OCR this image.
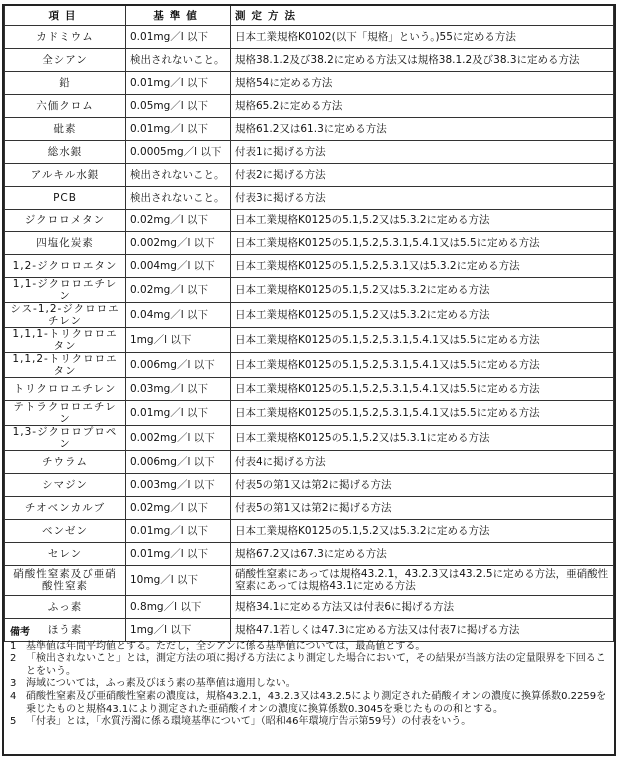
項目	基準値	測定方法
カドミウム	0.01mg／l 以下	日本工業規格K0102(以下「規格」という。)55に定める方法
全シアン	検出されないこと。	規格38.1.2及び38.2に定める方法又は規格38.1.2及び38.3に定める方法
鉛	0.01mg／l 以下	規格54に定める方法
六価クロム	0.05mg／l 以下	規格65.2に定める方法
砒素	0.01mg／l 以下	規格61.2又は61.3に定める方法
総水銀	0.0005mg／l 以下	付表1に掲げる方法
アルキル水銀	検出されないこと。	付表2に掲げる方法
PCB	検出されないこと。	付表3に掲げる方法
ジクロロメタン	0.02mg／l 以下	日本工業規格K0125の5.1,5.2又は5.3.2に定める方法
四塩化炭素	0.002mg／l 以下	日本工業規格K0125の5.1,5.2,5.3.1,5.4.1又は5.5に定める方法
1,2-ジクロロエタン	0.004mg／l 以下	日本工業規格K0125の5.1,5.2,5.3.1又は5.3.2に定める方法
1,1-ジクロロエチレン	0.02mg／l 以下	日本工業規格K0125の5.1,5.2又は5.3.2に定める方法
シス-1,2-ジクロロエチレン	0.04mg／l 以下	日本工業規格K0125の5.1,5.2又は5.3.2に定める方法
1,1,1-トリクロロエタン	1mg／l 以下	日本工業規格K0125の5.1,5.2,5.3.1,5.4.1又は5.5に定める方法
1,1,2-トリクロロエタン	0.006mg／l 以下	日本工業規格K0125の5.1,5.2,5.3.1,5.4.1又は5.5に定める方法
トリクロロエチレン	0.03mg／l 以下	日本工業規格K0125の5.1,5.2,5.3.1,5.4.1又は5.5に定める方法
テトラクロロエチレン	0.01mg／l 以下	日本工業規格K0125の5.1,5.2,5.3.1,5.4.1又は5.5に定める方法
1,3-ジクロロプロペン	0.002mg／l 以下	日本工業規格K0125の5.1,5.2又は5.3.1に定める方法
チウラム	0.006mg／l 以下	付表4に掲げる方法
シマジン	0.003mg／l 以下	付表5の第1又は第2に掲げる方法
チオベンカルブ	0.02mg／l 以下	付表5の第1又は第2に掲げる方法
ベンゼン	0.01mg／l 以下	日本工業規格K0125の5.1,5.2又は5.3.2に定める方法
セレン	0.01mg／l 以下	規格67.2又は67.3に定める方法
硝酸性窒素及び亜硝酸性窒素	10mg／l 以下	硝酸性窒素にあっては規格43.2.1，43.2.3又は43.2.5に定める方法，亜硝酸性窒素にあっては規格43.1に定める方法
ふっ素	0.8mg／l 以下	規格34.1に定める方法又は付表6に掲げる方法
ほう素	1mg／l 以下	規格47.1若しくは47.3に定める方法又は付表7に掲げる方法
備考
1 基準値は年間平均値とする。ただし，全シアンに係る基準値については，最高値とする。
2 「検出されないこと」とは，測定方法の項に掲げる方法により測定した場合において，その結果が当該方法の定量限界を下回ることをいう。
3 海域については，ふっ素及びほう素の基準値は適用しない。
4 硝酸性窒素及び亜硝酸性窒素の濃度は，規格43.2.1，43.2.3又は43.2.5により測定された硝酸イオンの濃度に換算係数0.2259を乗じたものと規格43.1により測定された亜硝酸イオンの濃度に換算係数0.3045を乗じたものの和とする。
5 「付表」とは，「水質汚濁に係る環境基準について」（昭和46年環境庁告示第59号）の付表をいう。
